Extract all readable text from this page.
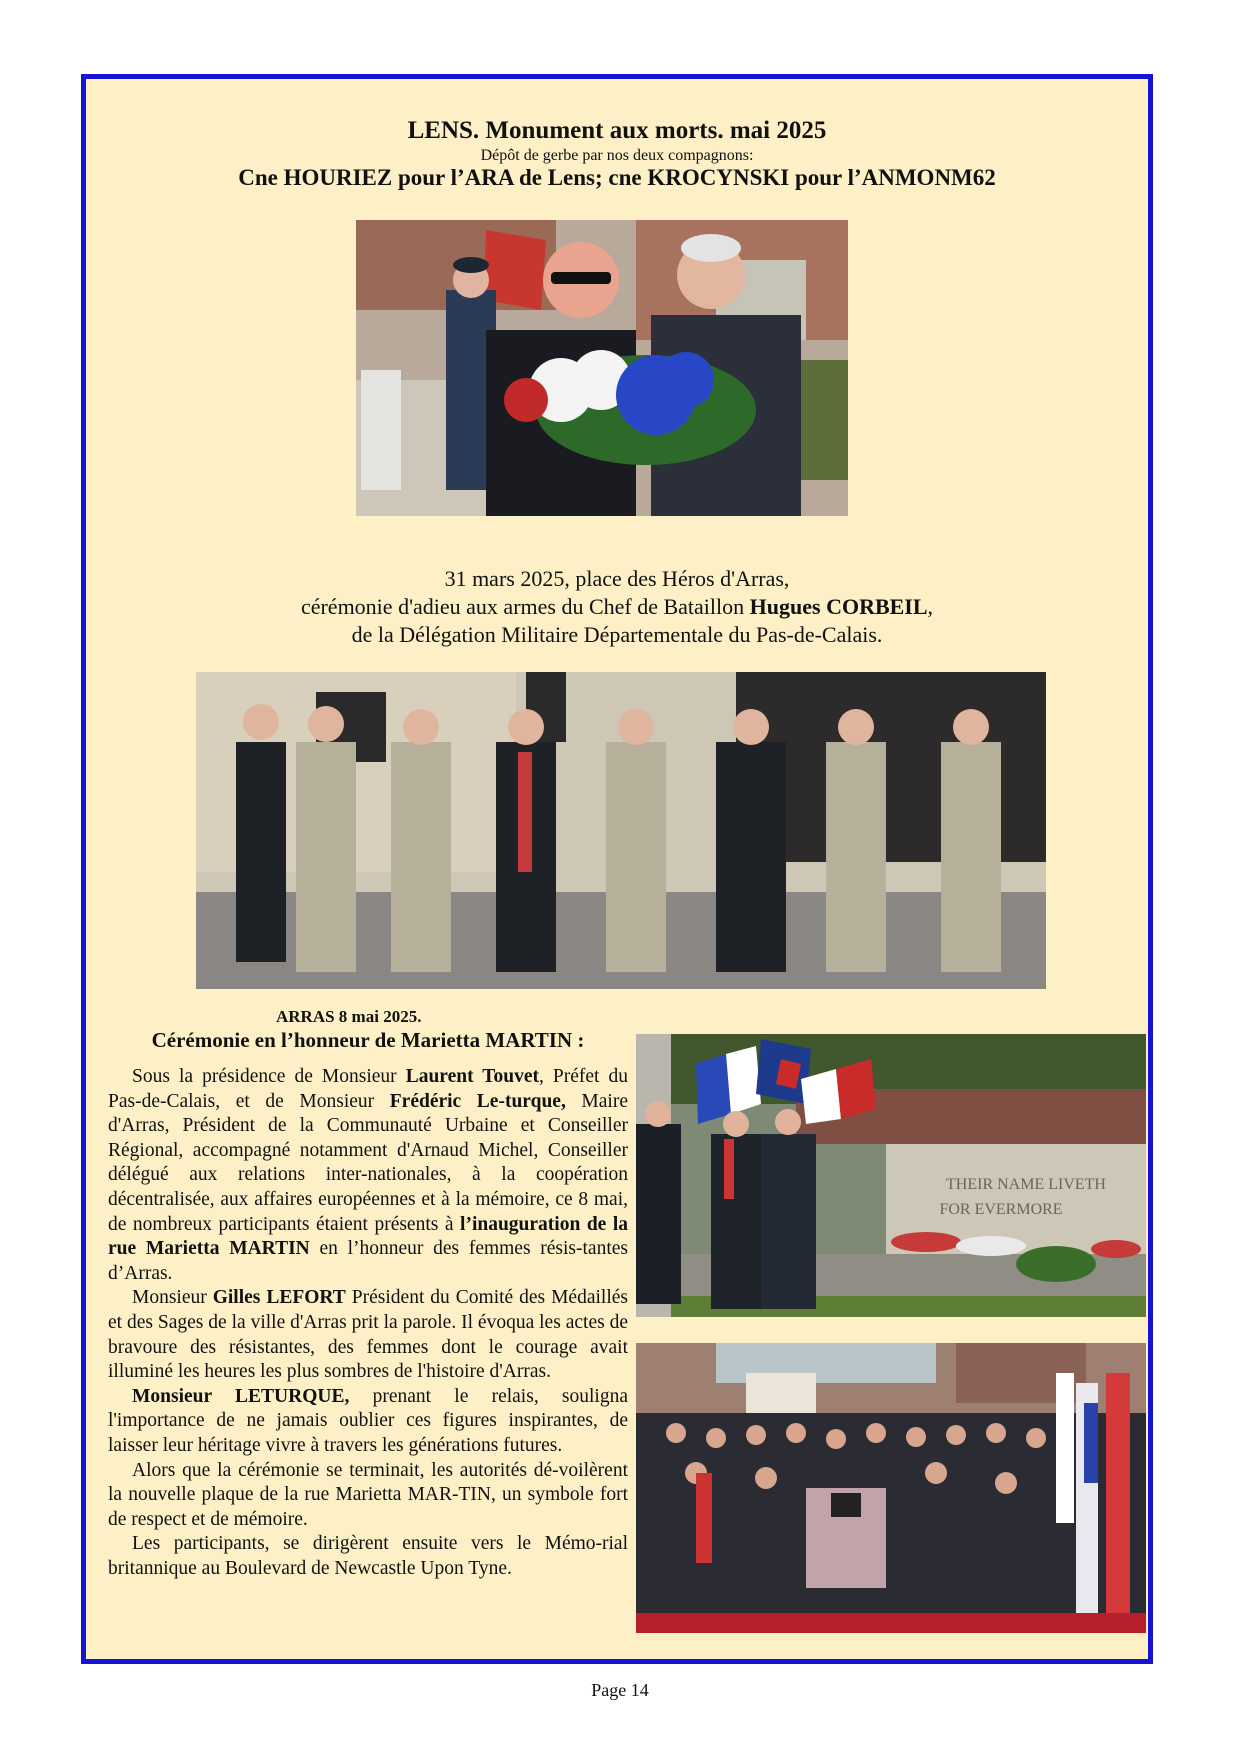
LENS. Monument aux morts. mai 2025
Dépôt de gerbe par nos deux compagnons:
Cne HOURIEZ pour l’ARA de Lens; cne KROCYNSKI pour l’ANMONM62
31 mars 2025, place des Héros d'Arras,
cérémonie d'adieu aux armes du Chef de Bataillon Hugues CORBEIL,
de la Délégation Militaire Départementale du Pas-de-Calais.
ARRAS 8 mai 2025.
Cérémonie en l’honneur de Marietta MARTIN :

Sous la présidence de Monsieur Laurent Touvet, Préfet du Pas-de-Calais, et de Monsieur Frédéric Le-turque, Maire d'Arras, Président de la Communauté Urbaine et Conseiller Régional, accompagné notamment d'Arnaud Michel, Conseiller délégué aux relations inter-nationales, à la coopération décentralisée, aux affaires européennes et à la mémoire, ce 8 mai, de nombreux participants étaient présents à l’inauguration de la rue Marietta MARTIN en l’honneur des femmes résis-tantes d’Arras.

Monsieur Gilles LEFORT Président du Comité des Médaillés et des Sages de la ville d'Arras prit la parole. Il évoqua les actes de bravoure des résistantes, des femmes dont le courage avait illuminé les heures les plus sombres de l'histoire d'Arras.

Monsieur LETURQUE, prenant le relais, souligna l'importance de ne jamais oublier ces figures inspirantes, de laisser leur héritage vivre à travers les générations futures.

Alors que la cérémonie se terminait, les autorités dé-voilèrent la nouvelle plaque de la rue Marietta MAR-TIN, un symbole fort de respect et de mémoire.

Les participants, se dirigèrent ensuite vers le Mémo-rial britannique au Boulevard de Newcastle Upon Tyne.

THEIR NAME LIVETH
FOR EVERMORE
Page 14
